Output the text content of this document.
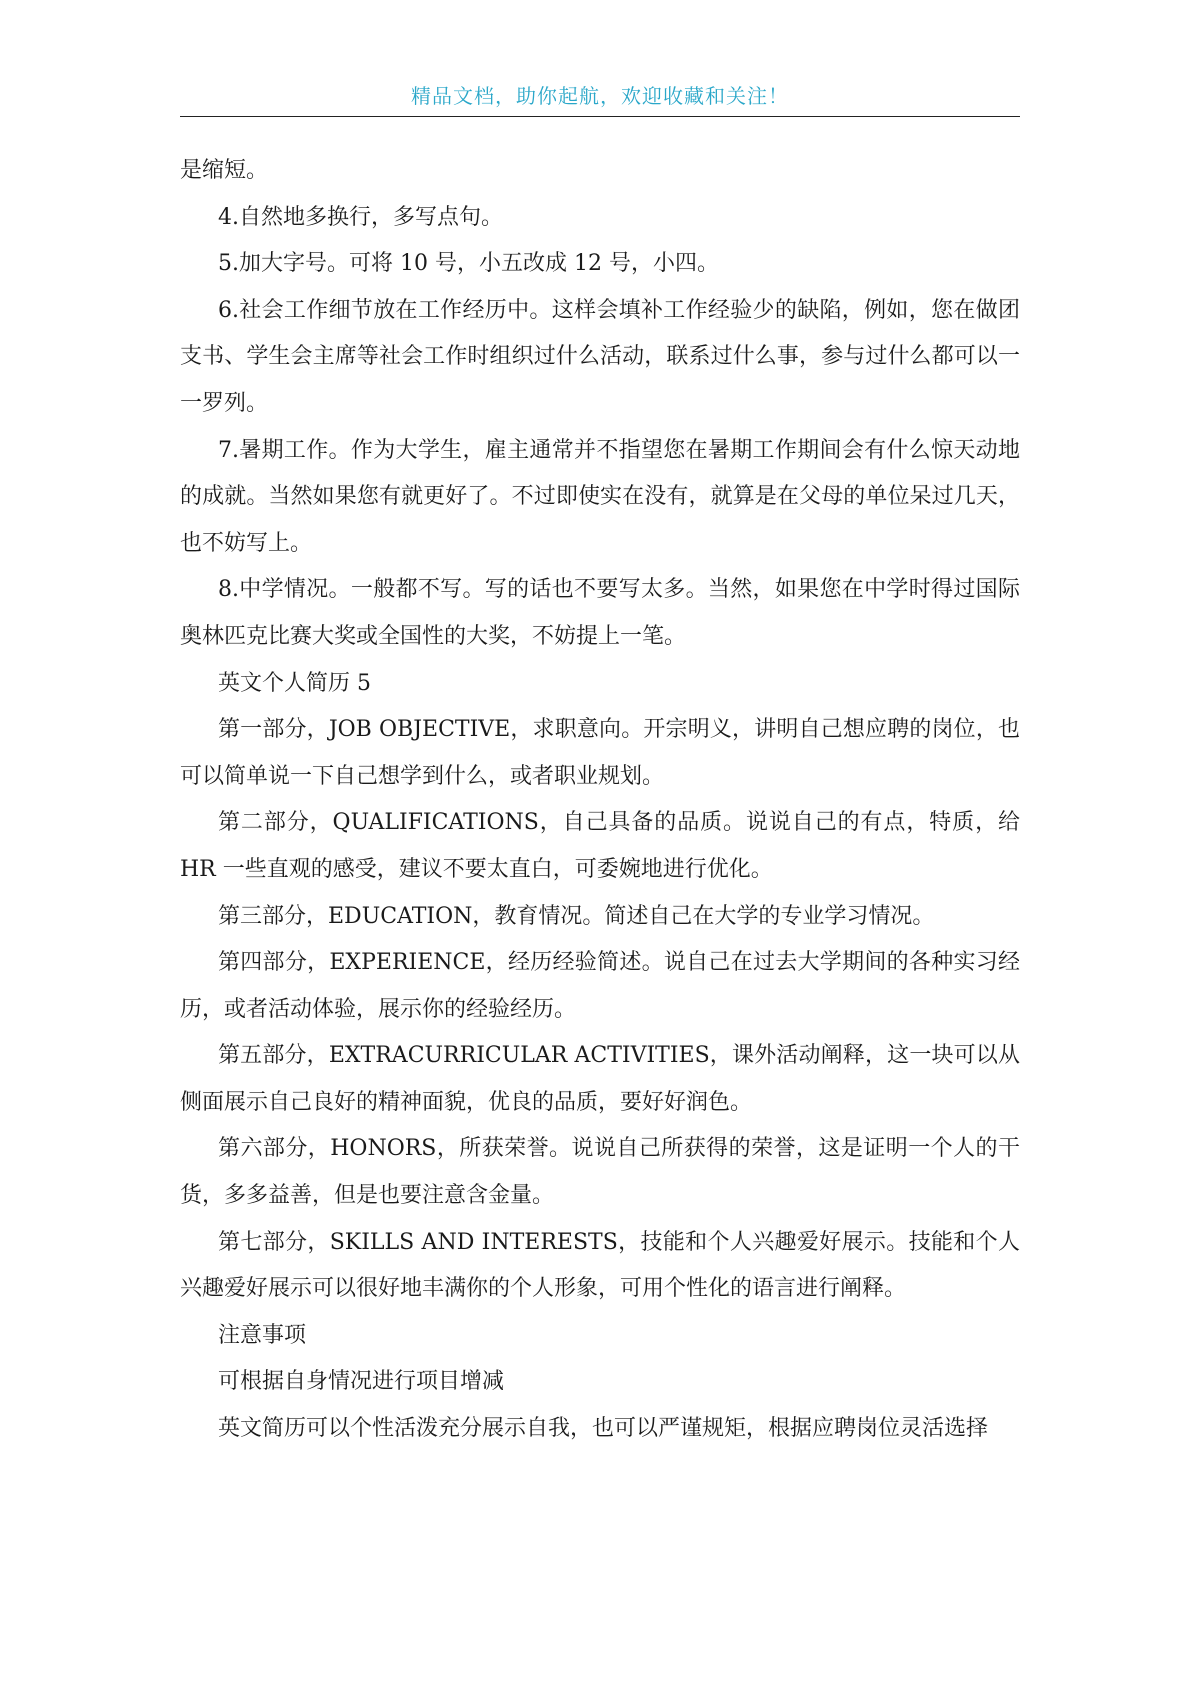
精品文档，助你起航，欢迎收藏和关注！

是缩短。

4.自然地多换行，多写点句。

5.加大字号。可将 10 号，小五改成 12 号，小四。

6.社会工作细节放在工作经历中。这样会填补工作经验少的缺陷，例如，您在做团支书、学生会主席等社会工作时组织过什么活动，联系过什么事，参与过什么都可以一一罗列。

7.暑期工作。作为大学生，雇主通常并不指望您在暑期工作期间会有什么惊天动地的成就。当然如果您有就更好了。不过即使实在没有，就算是在父母的单位呆过几天，也不妨写上。

8.中学情况。一般都不写。写的话也不要写太多。当然，如果您在中学时得过国际奥林匹克比赛大奖或全国性的大奖，不妨提上一笔。

英文个人简历 5

第一部分，JOB OBJECTIVE，求职意向。开宗明义，讲明自己想应聘的岗位，也可以简单说一下自己想学到什么，或者职业规划。

第二部分，QUALIFICATIONS，自己具备的品质。说说自己的有点，特质，给 HR 一些直观的感受，建议不要太直白，可委婉地进行优化。

第三部分，EDUCATION，教育情况。简述自己在大学的专业学习情况。

第四部分，EXPERIENCE，经历经验简述。说自己在过去大学期间的各种实习经历，或者活动体验，展示你的经验经历。

第五部分，EXTRACURRICULAR ACTIVITIES，课外活动阐释，这一块可以从侧面展示自己良好的精神面貌，优良的品质，要好好润色。

第六部分，HONORS，所获荣誉。说说自己所获得的荣誉，这是证明一个人的干货，多多益善，但是也要注意含金量。

第七部分，SKILLS AND INTERESTS，技能和个人兴趣爱好展示。技能和个人兴趣爱好展示可以很好地丰满你的个人形象，可用个性化的语言进行阐释。

注意事项

可根据自身情况进行项目增减

英文简历可以个性活泼充分展示自我，也可以严谨规矩，根据应聘岗位灵活选择
